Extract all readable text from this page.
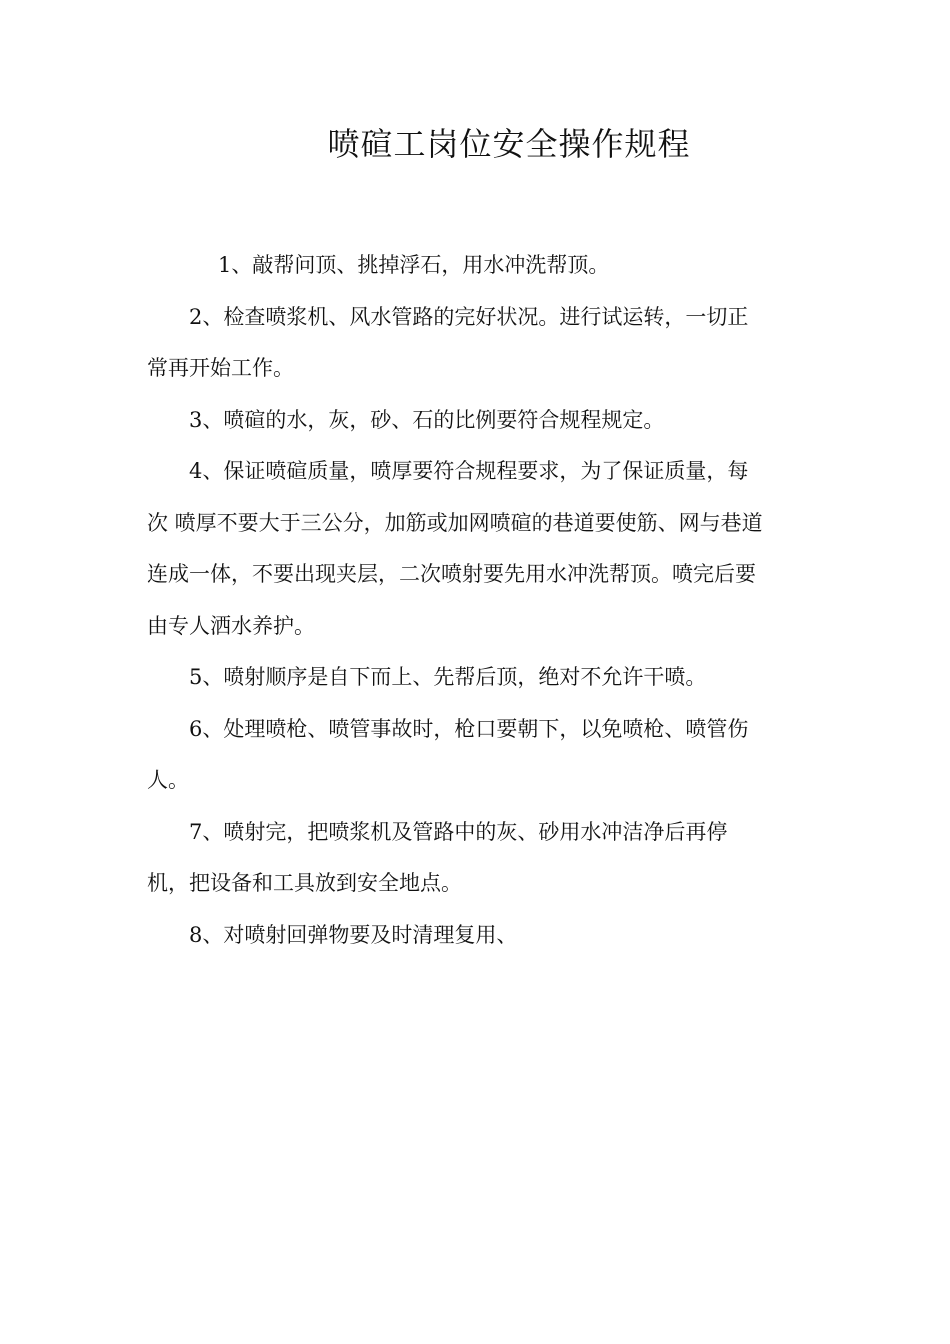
喷碹工岗位安全操作规程

1、敲帮问顶、挑掉浮石，用水冲洗帮顶。

2、检查喷浆机、风水管路的完好状况。进行试运转，一切正
常再开始工作。

3、喷碹的水，灰，砂、石的比例要符合规程规定。

4、保证喷碹质量，喷厚要符合规程要求，为了保证质量，每
次 喷厚不要大于三公分，加筋或加网喷碹的巷道要使筋、网与巷道
连成一体，不要出现夹层，二次喷射要先用水冲洗帮顶。喷完后要
由专人洒水养护。

5、喷射顺序是自下而上、先帮后顶，绝对不允许干喷。

6、处理喷枪、喷管事故时，枪口要朝下，以免喷枪、喷管伤
人。

7、喷射完，把喷浆机及管路中的灰、砂用水冲洁净后再停
机，把设备和工具放到安全地点。

8、对喷射回弹物要及时清理复用、
